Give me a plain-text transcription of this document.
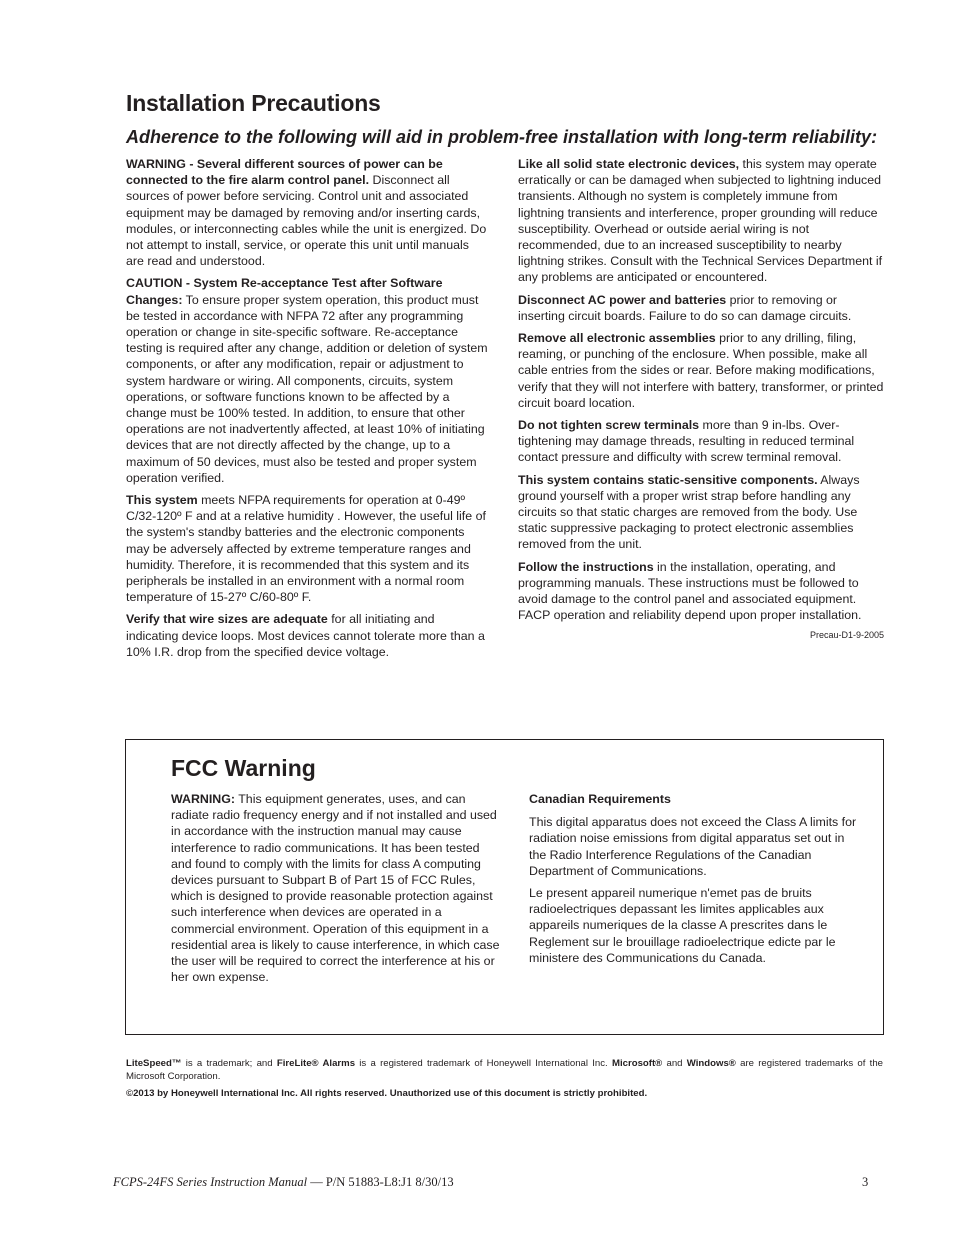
Installation Precautions
Adherence to the following will aid in problem-free installation with long-term reliability:

WARNING - Several different sources of power can be connected to the fire alarm control panel. Disconnect all sources of power before servicing. Control unit and associated equipment may be damaged by removing and/or inserting cards, modules, or interconnecting cables while the unit is energized. Do not attempt to install, service, or operate this unit until manuals are read and understood.

CAUTION - System Re-acceptance Test after Software Changes: To ensure proper system operation, this product must be tested in accordance with NFPA 72 after any programming operation or change in site-specific software. Re-acceptance testing is required after any change, addition or deletion of system components, or after any modification, repair or adjustment to system hardware or wiring. All components, circuits, system operations, or software functions known to be affected by a change must be 100% tested. In addition, to ensure that other operations are not inadvertently affected, at least 10% of initiating devices that are not directly affected by the change, up to a maximum of 50 devices, must also be tested and proper system operation verified.

This system meets NFPA requirements for operation at 0-49º C/32-120º F and at a relative humidity . However, the useful life of the system's standby batteries and the electronic components may be adversely affected by extreme temperature ranges and humidity. Therefore, it is recommended that this system and its peripherals be installed in an environment with a normal room temperature of 15-27º C/60-80º F.

Verify that wire sizes are adequate for all initiating and indicating device loops. Most devices cannot tolerate more than a 10% I.R. drop from the specified device voltage.

Like all solid state electronic devices, this system may operate erratically or can be damaged when subjected to lightning induced transients. Although no system is completely immune from lightning transients and interference, proper grounding will reduce susceptibility. Overhead or outside aerial wiring is not recommended, due to an increased susceptibility to nearby lightning strikes. Consult with the Technical Services Department if any problems are anticipated or encountered.

Disconnect AC power and batteries prior to removing or inserting circuit boards. Failure to do so can damage circuits.

Remove all electronic assemblies prior to any drilling, filing, reaming, or punching of the enclosure. When possible, make all cable entries from the sides or rear. Before making modifications, verify that they will not interfere with battery, transformer, or printed circuit board location.

Do not tighten screw terminals more than 9 in-lbs. Over-tightening may damage threads, resulting in reduced terminal contact pressure and difficulty with screw terminal removal.

This system contains static-sensitive components. Always ground yourself with a proper wrist strap before handling any circuits so that static charges are removed from the body. Use static suppressive packaging to protect electronic assemblies removed from the unit.

Follow the instructions in the installation, operating, and programming manuals. These instructions must be followed to avoid damage to the control panel and associated equipment. FACP operation and reliability depend upon proper installation.

Precau-D1-9-2005
FCC Warning

WARNING: This equipment generates, uses, and can radiate radio frequency energy and if not installed and used in accordance with the instruction manual may cause interference to radio communications. It has been tested and found to comply with the limits for class A computing devices pursuant to Subpart B of Part 15 of FCC Rules, which is designed to provide reasonable protection against such interference when devices are operated in a commercial environment. Operation of this equipment in a residential area is likely to cause interference, in which case the user will be required to correct the interference at his or her own expense.

Canadian Requirements

This digital apparatus does not exceed the Class A limits for radiation noise emissions from digital apparatus set out in the Radio Interference Regulations of the Canadian Department of Communications.

Le present appareil numerique n'emet pas de bruits radioelectriques depassant les limites applicables aux appareils numeriques de la classe A prescrites dans le Reglement sur le brouillage radioelectrique edicte par le ministere des Communications du Canada.

LiteSpeed™ is a trademark; and FireLite® Alarms is a registered trademark of Honeywell International Inc. Microsoft® and Windows® are registered trademarks of the Microsoft Corporation.

©2013 by Honeywell International Inc. All rights reserved. Unauthorized use of this document is strictly prohibited.

FCPS-24FS Series Instruction Manual — P/N 51883-L8:J1 8/30/13	3
